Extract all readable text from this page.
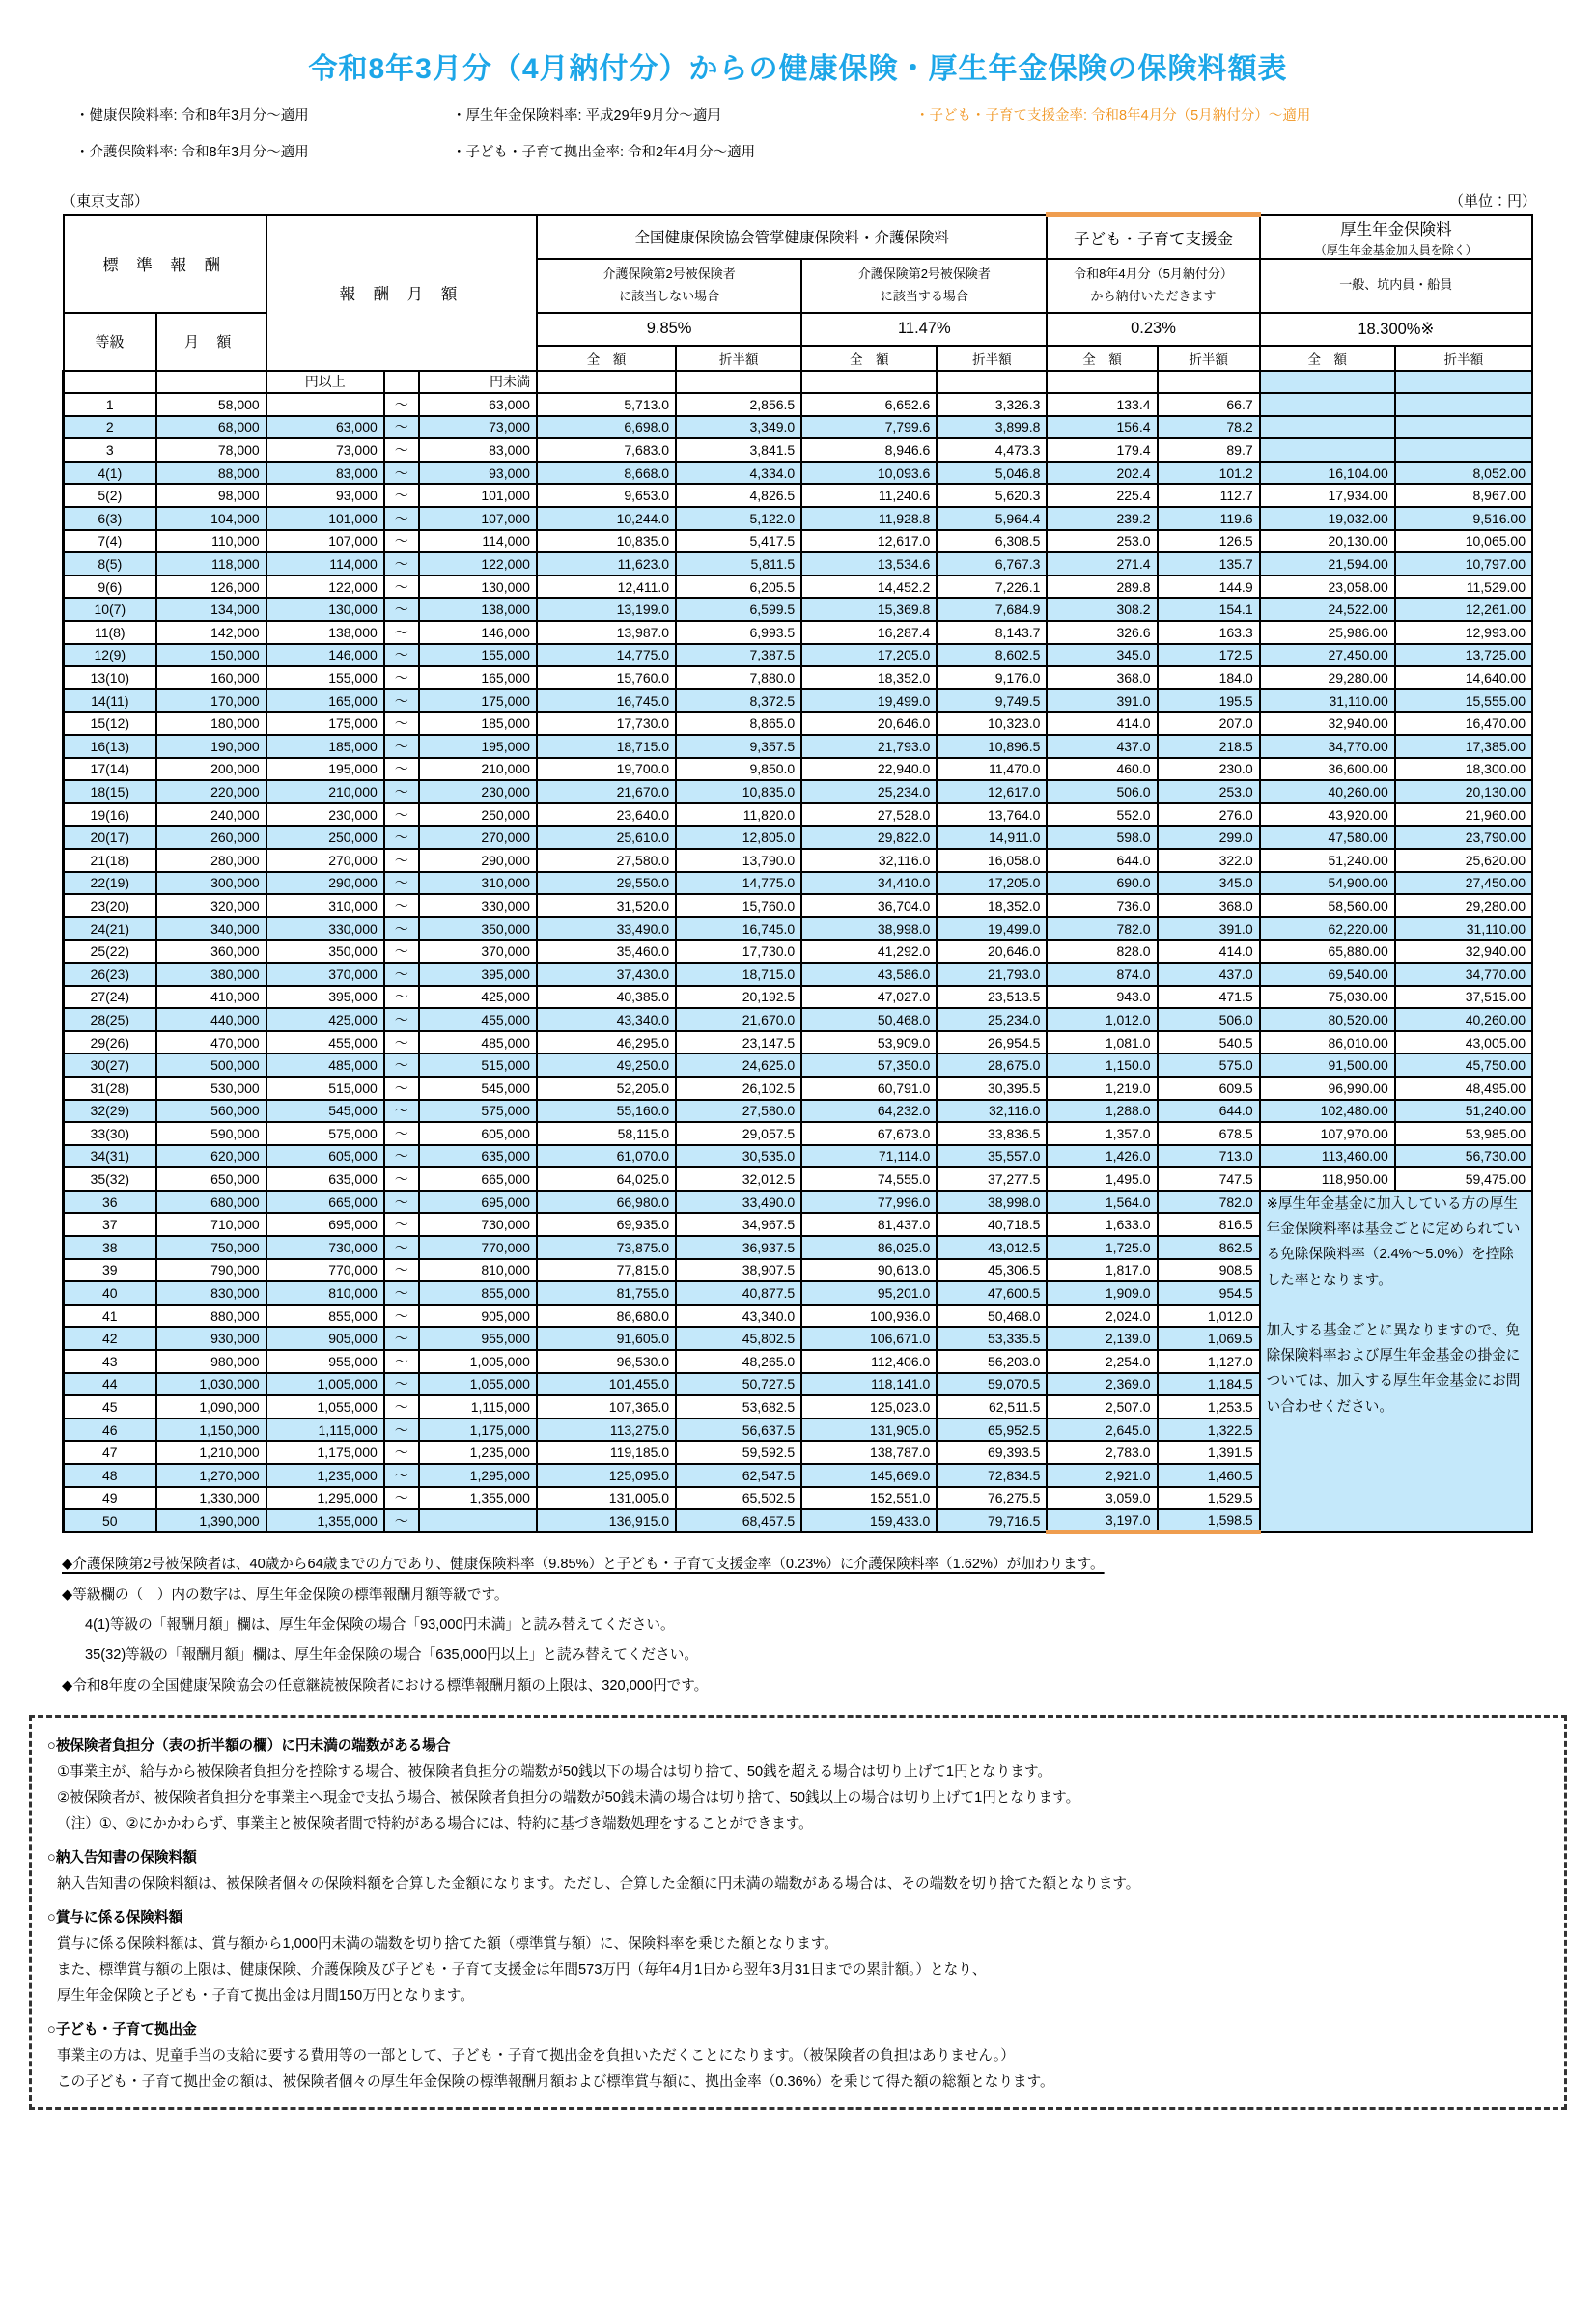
令和8年3月分（4月納付分）からの健康保険・厚生年金保険の保険料額表
・健康保険料率: 令和8年3月分～適用
・介護保険料率: 令和8年3月分～適用
・厚生年金保険料率: 平成29年9月分～適用
・子ども・子育て拠出金率: 令和2年4月分～適用
・子ども・子育て支援金率: 令和8年4月分（5月納付分）～適用
（東京支部）	（単位：円）
標 準 報 酬		報 酬 月 額			全国健康保険協会管掌健康保険料・介護保険料				子ども・子育て支援金		厚生年金保険料
（厚生年金基金加入員を除く）	

介護保険第2号被保険者
に該当しない場合

介護保険第2号被保険者
に該当する場合

令和8年4月分（5月納付分）
から納付いただきます
	一般、坑内員・船員
等級	月 額				9.85%		11.47%		0.23%		18.300%※	
					全　額	折半額	全　額	折半額	全　額	折半額	全　額	折半額
		円以上		円未満								
1	58,000		～	63,000	5,713.0	2,856.5	6,652.6	3,326.3	133.4	66.7		
2	68,000	63,000	～	73,000	6,698.0	3,349.0	7,799.6	3,899.8	156.4	78.2		
3	78,000	73,000	～	83,000	7,683.0	3,841.5	8,946.6	4,473.3	179.4	89.7		
4(1)	88,000	83,000	～	93,000	8,668.0	4,334.0	10,093.6	5,046.8	202.4	101.2	16,104.00	8,052.00
5(2)	98,000	93,000	～	101,000	9,653.0	4,826.5	11,240.6	5,620.3	225.4	112.7	17,934.00	8,967.00
6(3)	104,000	101,000	～	107,000	10,244.0	5,122.0	11,928.8	5,964.4	239.2	119.6	19,032.00	9,516.00
7(4)	110,000	107,000	～	114,000	10,835.0	5,417.5	12,617.0	6,308.5	253.0	126.5	20,130.00	10,065.00
8(5)	118,000	114,000	～	122,000	11,623.0	5,811.5	13,534.6	6,767.3	271.4	135.7	21,594.00	10,797.00
9(6)	126,000	122,000	～	130,000	12,411.0	6,205.5	14,452.2	7,226.1	289.8	144.9	23,058.00	11,529.00
10(7)	134,000	130,000	～	138,000	13,199.0	6,599.5	15,369.8	7,684.9	308.2	154.1	24,522.00	12,261.00
11(8)	142,000	138,000	～	146,000	13,987.0	6,993.5	16,287.4	8,143.7	326.6	163.3	25,986.00	12,993.00
12(9)	150,000	146,000	～	155,000	14,775.0	7,387.5	17,205.0	8,602.5	345.0	172.5	27,450.00	13,725.00
13(10)	160,000	155,000	～	165,000	15,760.0	7,880.0	18,352.0	9,176.0	368.0	184.0	29,280.00	14,640.00
14(11)	170,000	165,000	～	175,000	16,745.0	8,372.5	19,499.0	9,749.5	391.0	195.5	31,110.00	15,555.00
15(12)	180,000	175,000	～	185,000	17,730.0	8,865.0	20,646.0	10,323.0	414.0	207.0	32,940.00	16,470.00
16(13)	190,000	185,000	～	195,000	18,715.0	9,357.5	21,793.0	10,896.5	437.0	218.5	34,770.00	17,385.00
17(14)	200,000	195,000	～	210,000	19,700.0	9,850.0	22,940.0	11,470.0	460.0	230.0	36,600.00	18,300.00
18(15)	220,000	210,000	～	230,000	21,670.0	10,835.0	25,234.0	12,617.0	506.0	253.0	40,260.00	20,130.00
19(16)	240,000	230,000	～	250,000	23,640.0	11,820.0	27,528.0	13,764.0	552.0	276.0	43,920.00	21,960.00
20(17)	260,000	250,000	～	270,000	25,610.0	12,805.0	29,822.0	14,911.0	598.0	299.0	47,580.00	23,790.00
21(18)	280,000	270,000	～	290,000	27,580.0	13,790.0	32,116.0	16,058.0	644.0	322.0	51,240.00	25,620.00
22(19)	300,000	290,000	～	310,000	29,550.0	14,775.0	34,410.0	17,205.0	690.0	345.0	54,900.00	27,450.00
23(20)	320,000	310,000	～	330,000	31,520.0	15,760.0	36,704.0	18,352.0	736.0	368.0	58,560.00	29,280.00
24(21)	340,000	330,000	～	350,000	33,490.0	16,745.0	38,998.0	19,499.0	782.0	391.0	62,220.00	31,110.00
25(22)	360,000	350,000	～	370,000	35,460.0	17,730.0	41,292.0	20,646.0	828.0	414.0	65,880.00	32,940.00
26(23)	380,000	370,000	～	395,000	37,430.0	18,715.0	43,586.0	21,793.0	874.0	437.0	69,540.00	34,770.00
27(24)	410,000	395,000	～	425,000	40,385.0	20,192.5	47,027.0	23,513.5	943.0	471.5	75,030.00	37,515.00
28(25)	440,000	425,000	～	455,000	43,340.0	21,670.0	50,468.0	25,234.0	1,012.0	506.0	80,520.00	40,260.00
29(26)	470,000	455,000	～	485,000	46,295.0	23,147.5	53,909.0	26,954.5	1,081.0	540.5	86,010.00	43,005.00
30(27)	500,000	485,000	～	515,000	49,250.0	24,625.0	57,350.0	28,675.0	1,150.0	575.0	91,500.00	45,750.00
31(28)	530,000	515,000	～	545,000	52,205.0	26,102.5	60,791.0	30,395.5	1,219.0	609.5	96,990.00	48,495.00
32(29)	560,000	545,000	～	575,000	55,160.0	27,580.0	64,232.0	32,116.0	1,288.0	644.0	102,480.00	51,240.00
33(30)	590,000	575,000	～	605,000	58,115.0	29,057.5	67,673.0	33,836.5	1,357.0	678.5	107,970.00	53,985.00
34(31)	620,000	605,000	～	635,000	61,070.0	30,535.0	71,114.0	35,557.0	1,426.0	713.0	113,460.00	56,730.00
35(32)	650,000	635,000	～	665,000	64,025.0	32,012.5	74,555.0	37,277.5	1,495.0	747.5	118,950.00	59,475.00
36	680,000	665,000	～	695,000	66,980.0	33,490.0	77,996.0	38,998.0	1,564.0	782.0	※厚生年金基金に加入している方の厚生年金保険料率は基金ごとに定められている免除保険料率（2.4%～5.0%）を控除した率となります。

加入する基金ごとに異なりますので、免除保険料率および厚生年金基金の掛金については、加入する厚生年金基金にお問い合わせください。	

37	710,000	695,000	～	730,000	69,935.0	34,967.5	81,437.0	40,718.5	1,633.0	816.5		
38	750,000	730,000	～	770,000	73,875.0	36,937.5	86,025.0	43,012.5	1,725.0	862.5		
39	790,000	770,000	～	810,000	77,815.0	38,907.5	90,613.0	45,306.5	1,817.0	908.5		
40	830,000	810,000	～	855,000	81,755.0	40,877.5	95,201.0	47,600.5	1,909.0	954.5		
41	880,000	855,000	～	905,000	86,680.0	43,340.0	100,936.0	50,468.0	2,024.0	1,012.0		
42	930,000	905,000	～	955,000	91,605.0	45,802.5	106,671.0	53,335.5	2,139.0	1,069.5		
43	980,000	955,000	～	1,005,000	96,530.0	48,265.0	112,406.0	56,203.0	2,254.0	1,127.0		
44	1,030,000	1,005,000	～	1,055,000	101,455.0	50,727.5	118,141.0	59,070.5	2,369.0	1,184.5		
45	1,090,000	1,055,000	～	1,115,000	107,365.0	53,682.5	125,023.0	62,511.5	2,507.0	1,253.5		
46	1,150,000	1,115,000	～	1,175,000	113,275.0	56,637.5	131,905.0	65,952.5	2,645.0	1,322.5		
47	1,210,000	1,175,000	～	1,235,000	119,185.0	59,592.5	138,787.0	69,393.5	2,783.0	1,391.5		
48	1,270,000	1,235,000	～	1,295,000	125,095.0	62,547.5	145,669.0	72,834.5	2,921.0	1,460.5		
49	1,330,000	1,295,000	～	1,355,000	131,005.0	65,502.5	152,551.0	76,275.5	3,059.0	1,529.5		
50	1,390,000	1,355,000	～		136,915.0	68,457.5	159,433.0	79,716.5	3,197.0	1,598.5		
◆介護保険第2号被保険者は、40歳から64歳までの方であり、健康保険料率（9.85%）と子ども・子育て支援金率（0.23%）に介護保険料率（1.62%）が加わります。
◆等級欄の（　）内の数字は、厚生年金保険の標準報酬月額等級です。
4(1)等級の「報酬月額」欄は、厚生年金保険の場合「93,000円未満」と読み替えてください。
35(32)等級の「報酬月額」欄は、厚生年金保険の場合「635,000円以上」と読み替えてください。
◆令和8年度の全国健康保険協会の任意継続被保険者における標準報酬月額の上限は、320,000円です。
○被保険者負担分（表の折半額の欄）に円未満の端数がある場合
①事業主が、給与から被保険者負担分を控除する場合、被保険者負担分の端数が50銭以下の場合は切り捨て、50銭を超える場合は切り上げて1円となります。
②被保険者が、被保険者負担分を事業主へ現金で支払う場合、被保険者負担分の端数が50銭未満の場合は切り捨て、50銭以上の場合は切り上げて1円となります。
（注）①、②にかかわらず、事業主と被保険者間で特約がある場合には、特約に基づき端数処理をすることができます。
○納入告知書の保険料額
納入告知書の保険料額は、被保険者個々の保険料額を合算した金額になります。ただし、合算した金額に円未満の端数がある場合は、その端数を切り捨てた額となります。
○賞与に係る保険料額
賞与に係る保険料額は、賞与額から1,000円未満の端数を切り捨てた額（標準賞与額）に、保険料率を乗じた額となります。
また、標準賞与額の上限は、健康保険、介護保険及び子ども・子育て支援金は年間573万円（毎年4月1日から翌年3月31日までの累計額。）となり、
厚生年金保険と子ども・子育て拠出金は月間150万円となります。
○子ども・子育て拠出金
事業主の方は、児童手当の支給に要する費用等の一部として、子ども・子育て拠出金を負担いただくことになります。（被保険者の負担はありません。）
この子ども・子育て拠出金の額は、被保険者個々の厚生年金保険の標準報酬月額および標準賞与額に、拠出金率（0.36%）を乗じて得た額の総額となります。
